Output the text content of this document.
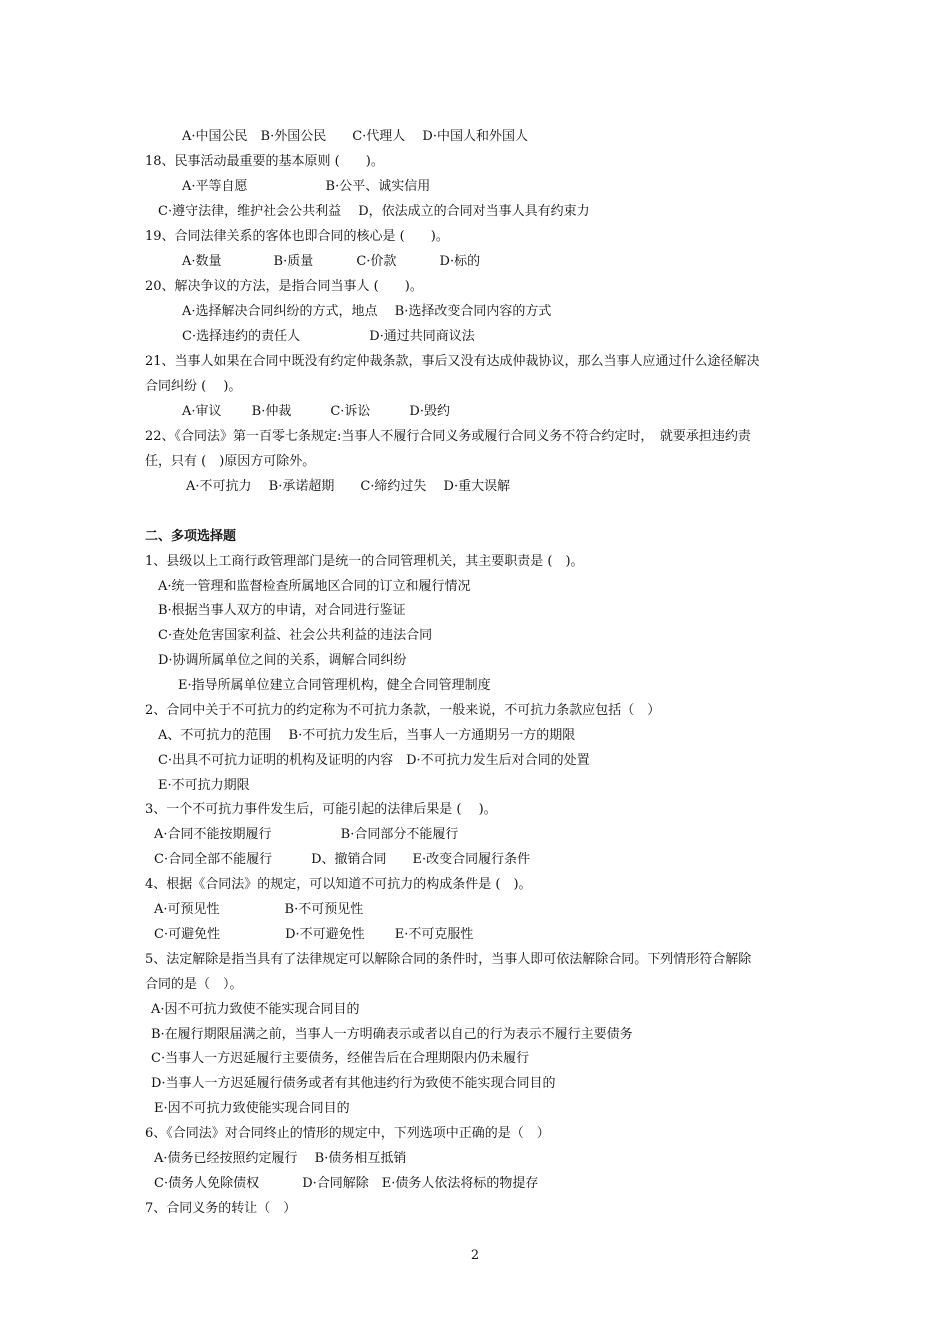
A·中国公民　B·外国公民　　C·代理人　 D·中国人和外国人
18、民事活动最重要的基本原则 (　　)。
A·平等自愿　　　　　　B·公平、诚实信用
C·遵守法律，维护社会公共利益　 D，依法成立的合同对当事人具有约束力
19、合同法律关系的客体也即合同的核心是 (　　)。
A·数量　　　　B·质量　　　 C·价款　　　 D·标的
20、解决争议的方法，是指合同当事人 (　　)。
A·选择解决合同纠纷的方式，地点　 B·选择改变合同内容的方式
C·选择违约的责任人　　　　　 D·通过共同商议法
21、当事人如果在合同中既没有约定仲裁条款，事后又没有达成仲裁协议，那么当事人应通过什么途径解决
合同纠纷 (　 )。
A·审议　　 B·仲裁　　　C·诉讼　　　D·毁约
22、《合同法》第一百零七条规定:当事人不履行合同义务或履行合同义务不符合约定时，　就要承担违约责
任，只有 (　)原因方可除外。
A·不可抗力　 B·承诺超期　　C·缔约过失　 D·重大误解
二、多项选择题
1、县级以上工商行政管理部门是统一的合同管理机关，其主要职责是 (　)。
A·统一管理和监督检查所属地区合同的订立和履行情况
B·根据当事人双方的申请，对合同进行鉴证
C·查处危害国家利益、社会公共利益的违法合同
D·协调所属单位之间的关系，调解合同纠纷
E·指导所属单位建立合同管理机构，健全合同管理制度
2、合同中关于不可抗力的约定称为不可抗力条款，一般来说，不可抗力条款应包括（　）
A、不可抗力的范围　 B·不可抗力发生后，当事人一方通期另一方的期限
C·出具不可抗力证明的机构及证明的内容　D·不可抗力发生后对合同的处置
E·不可抗力期限
3、一个不可抗力事件发生后，可能引起的法律后果是 (　 )。
A·合同不能按期履行　　　　　 B·合同部分不能履行
C·合同全部不能履行　　　D、撤销合同　　E·改变合同履行条件
4、根据《合同法》的规定，可以知道不可抗力的构成条件是 (　)。
A·可预见性　　　　　B·不可预见性
C·可避免性　　　　　D·不可避免性　　 E·不可克服性
5、法定解除是指当具有了法律规定可以解除合同的条件时，当事人即可依法解除合同。下列情形符合解除
合同的是（　）。
A·因不可抗力致使不能实现合同目的
B·在履行期限届满之前，当事人一方明确表示或者以自己的行为表示不履行主要债务
C·当事人一方迟延履行主要债务，经催告后在合理期限内仍未履行
D·当事人一方迟延履行债务或者有其他违约行为致使不能实现合同目的
E·因不可抗力致使能实现合同目的
6、《合同法》对合同终止的情形的规定中，下列选项中正确的是（　）
A·债务已经按照约定履行　 B·债务相互抵销
C·债务人免除债权　　　 D·合同解除　E·债务人依法将标的物提存
7、合同义务的转让（　）
2
